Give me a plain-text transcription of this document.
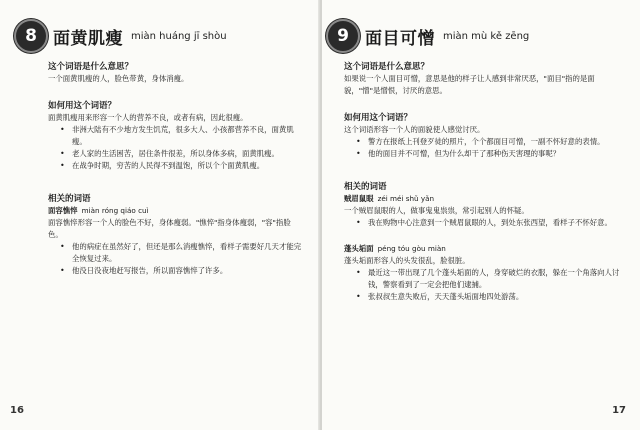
8 面黄肌瘦 miàn huáng jī shòu

这个词语是什么意思？

一个面黄肌瘦的人，脸色带黄，身体消瘦。

如何用这个词语？

面黄肌瘦用来形容一个人的营养不良，或者有病，因此很瘦。

• 非洲大陆有不少地方发生饥荒，很多大人、小孩都营养不良，面黄肌瘦。
• 老人家的生活困苦，居住条件很差，所以身体多病，面黄肌瘦。
• 在战争时期，穷苦的人民得不到温饱，所以个个面黄肌瘦。

相关的词语

面容憔悴 miàn róng qiáo cuì

面容憔悴形容一个人的脸色不好，身体瘦弱。"憔悴"指身体瘦弱，"容"指脸色。

• 他的病症在虽然好了，但还是那么消瘦憔悴，看样子需要好几天才能完全恢复过来。
• 他没日没夜地赶写报告，所以面容憔悴了许多。
16
9 面目可憎 miàn mù kě zēng

这个词语是什么意思？

如果说一个人面目可憎，意思是他的样子让人感到非常厌恶，"面目"指的是面貌，"憎"是憎恨，讨厌的意思。

如何用这个词语？

这个词语形容一个人的面貌使人感觉讨厌。

• 警方在报纸上刊登歹徒的照片，个个都面目可憎，一副不怀好意的表情。
• 他的面目并不可憎，但为什么却干了那种伤天害理的事呢？

相关的词语

贼眉鼠眼 zéi méi shǔ yǎn

一个贼眉鼠眼的人，做事鬼鬼祟祟，常引起别人的怀疑。

• 我在购物中心注意到一个贼眉鼠眼的人，到处东张西望，看样子不怀好意。

蓬头垢面 péng tóu gòu miàn

蓬头垢面形容人的头发很乱，脸很脏。

• 最近这一带出现了几个蓬头垢面的人，身穿破烂的衣服，躲在一个角落向人讨钱，警察看到了一定会把他们逮捕。
• 张叔叔生意失败后，天天蓬头垢面地四处游荡。
17
